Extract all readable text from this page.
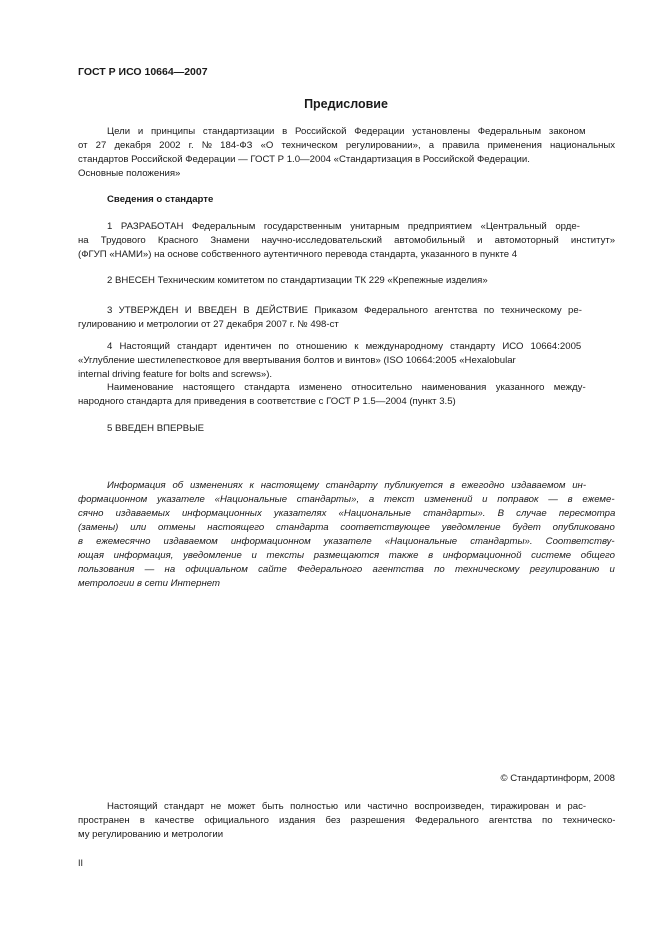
ГОСТ Р ИСО 10664—2007
Предисловие
Цели и принципы стандартизации в Российской Федерации установлены Федеральным законом
от 27 декабря 2002 г. № 184-ФЗ «О техническом регулировании», а правила применения национальных
стандартов Российской Федерации — ГОСТ Р 1.0—2004 «Стандартизация в Российской Федерации.
Основные положения»
Сведения о стандарте
1 РАЗРАБОТАН Федеральным государственным унитарным предприятием «Центральный орде-
на Трудового Красного Знамени научно-исследовательский автомобильный и автомоторный институт»
(ФГУП «НАМИ») на основе собственного аутентичного перевода стандарта, указанного в пункте 4
2 ВНЕСЕН Техническим комитетом по стандартизации ТК 229 «Крепежные изделия»
3 УТВЕРЖДЕН И ВВЕДЕН В ДЕЙСТВИЕ Приказом Федерального агентства по техническому ре-
гулированию и метрологии от 27 декабря 2007 г. № 498-ст
4 Настоящий стандарт идентичен по отношению к международному стандарту ИСО 10664:2005
«Углубление шестилепестковое для ввертывания болтов и винтов» (ISO 10664:2005 «Hexalobular
internal driving feature for bolts and screws»).
Наименование настоящего стандарта изменено относительно наименования указанного между-
народного стандарта для приведения в соответствие с ГОСТ Р 1.5—2004 (пункт 3.5)
5 ВВЕДЕН ВПЕРВЫЕ
Информация об изменениях к настоящему стандарту публикуется в ежегодно издаваемом ин-
формационном указателе «Национальные стандарты», а текст изменений и поправок — в ежеме-
сячно издаваемых информационных указателях «Национальные стандарты». В случае пересмотра
(замены) или отмены настоящего стандарта соответствующее уведомление будет опубликовано
в ежемесячно издаваемом информационном указателе «Национальные стандарты». Соответству-
ющая информация, уведомление и тексты размещаются также в информационной системе общего
пользования — на официальном сайте Федерального агентства по техническому регулированию и
метрологии в сети Интернет
© Стандартинформ, 2008
Настоящий стандарт не может быть полностью или частично воспроизведен, тиражирован и рас-
пространен в качестве официального издания без разрешения Федерального агентства по техническо-
му регулированию и метрологии
II
